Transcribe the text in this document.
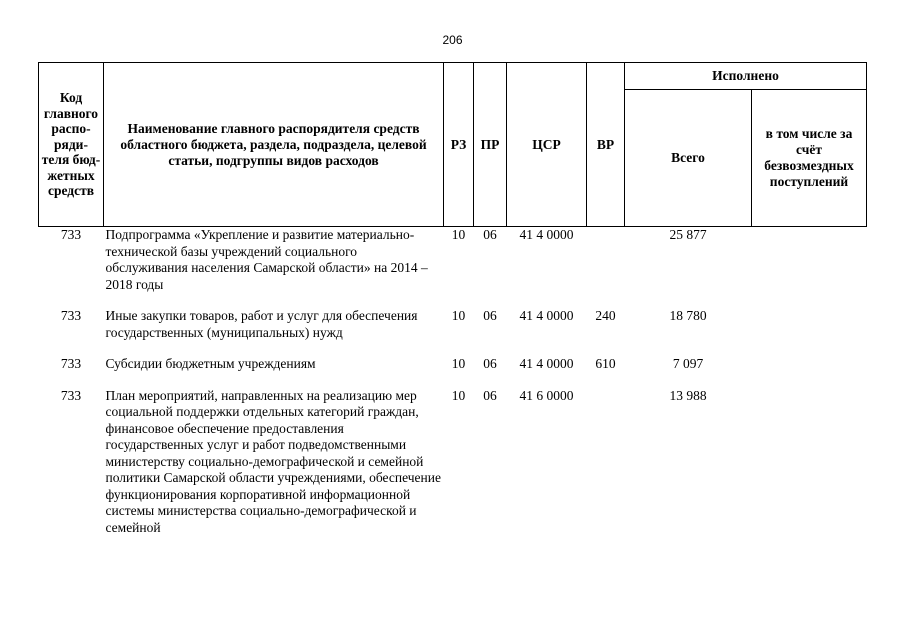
206
Код главного распо-ряди-теля бюд-жетных средств	Наименование главного распорядителя средств областного бюджета, раздела, подраздела, целевой статьи, подгруппы видов расходов	РЗ	ПР	ЦСР	ВР	Исполнено	
						Всего	в том числе за счёт безвозмездных поступлений
733	Подпрограмма «Укрепление и развитие материально-технической базы учреждений социального обслуживания населения Самарской области» на 2014 – 2018 годы	10	06	41 4 0000		25 877	
733	Иные закупки товаров, работ и услуг для обеспечения государственных (муниципальных) нужд	10	06	41 4 0000	240	18 780	
733	Субсидии бюджетным учреждениям	10	06	41 4 0000	610	7 097	
733	План мероприятий, направленных на реализацию мер социальной поддержки отдельных категорий граждан, финансовое обеспечение предоставления государственных услуг и работ подведомственными министерству социально-демографической и семейной политики Самарской области учреждениями, обеспечение функционирования корпоративной информационной системы министерства социально-демографической и семейной	10	06	41 6 0000		13 988	
